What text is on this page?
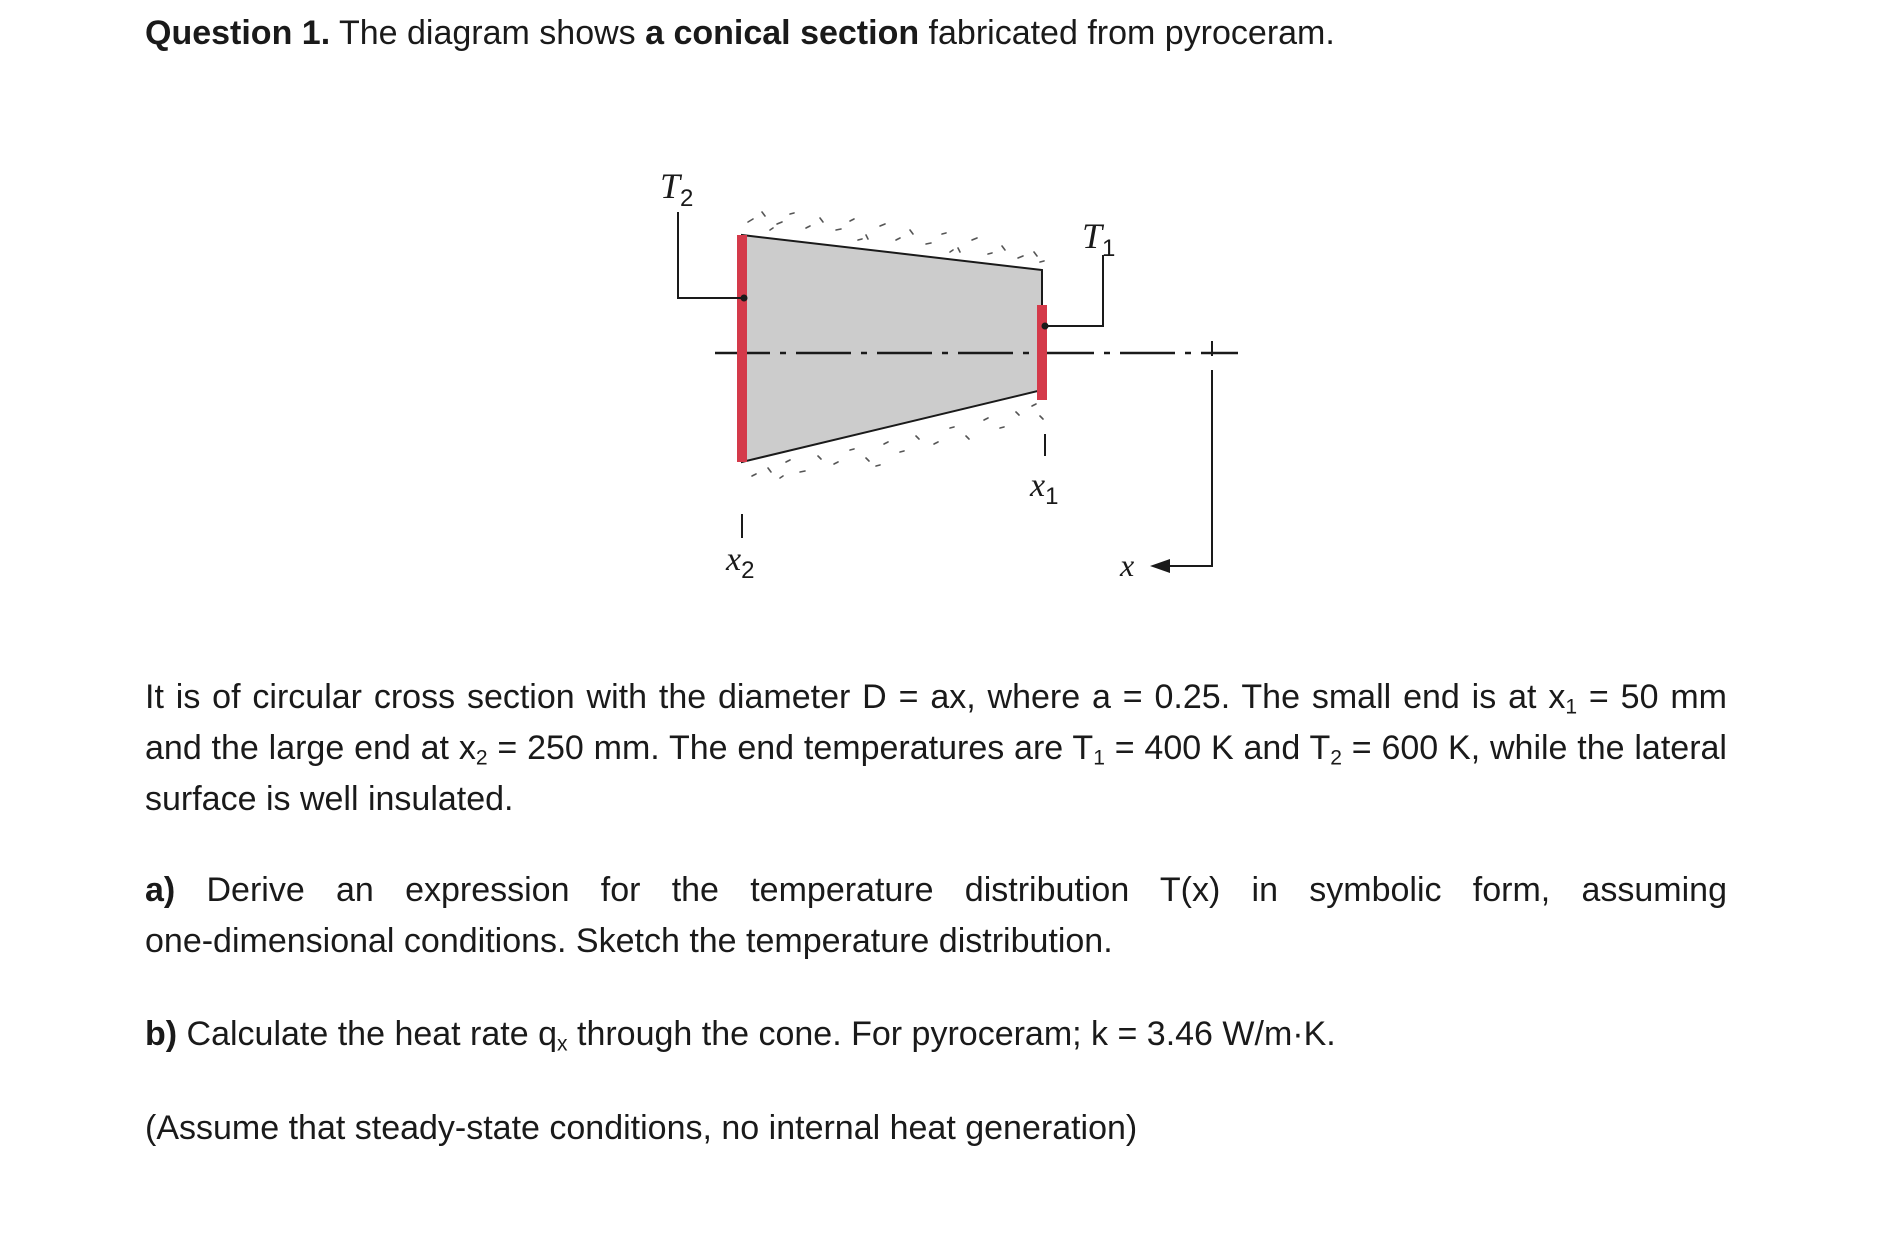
Question 1. The diagram shows a conical section fabricated from pyroceram.

$T_2$
$T_1$
$x_1$
$x_2$	x

It is of circular cross section with the diameter D = ax, where a = 0.25. The small end is at $x_1 = 50$ mm and the large end at $x_2 = 250$ mm. The end temperatures are $T_1 = 400$ K and $T_2 = 600$ K, while the lateral surface is well insulated.

a) Derive an expression for the temperature distribution T(x) in symbolic form, assuming
one-dimensional conditions. Sketch the temperature distribution.

b) Calculate the heat rate $q_x$ through the cone. For pyroceram; k = 3.46 W/m·K.

(Assume that steady-state conditions, no internal heat generation)
